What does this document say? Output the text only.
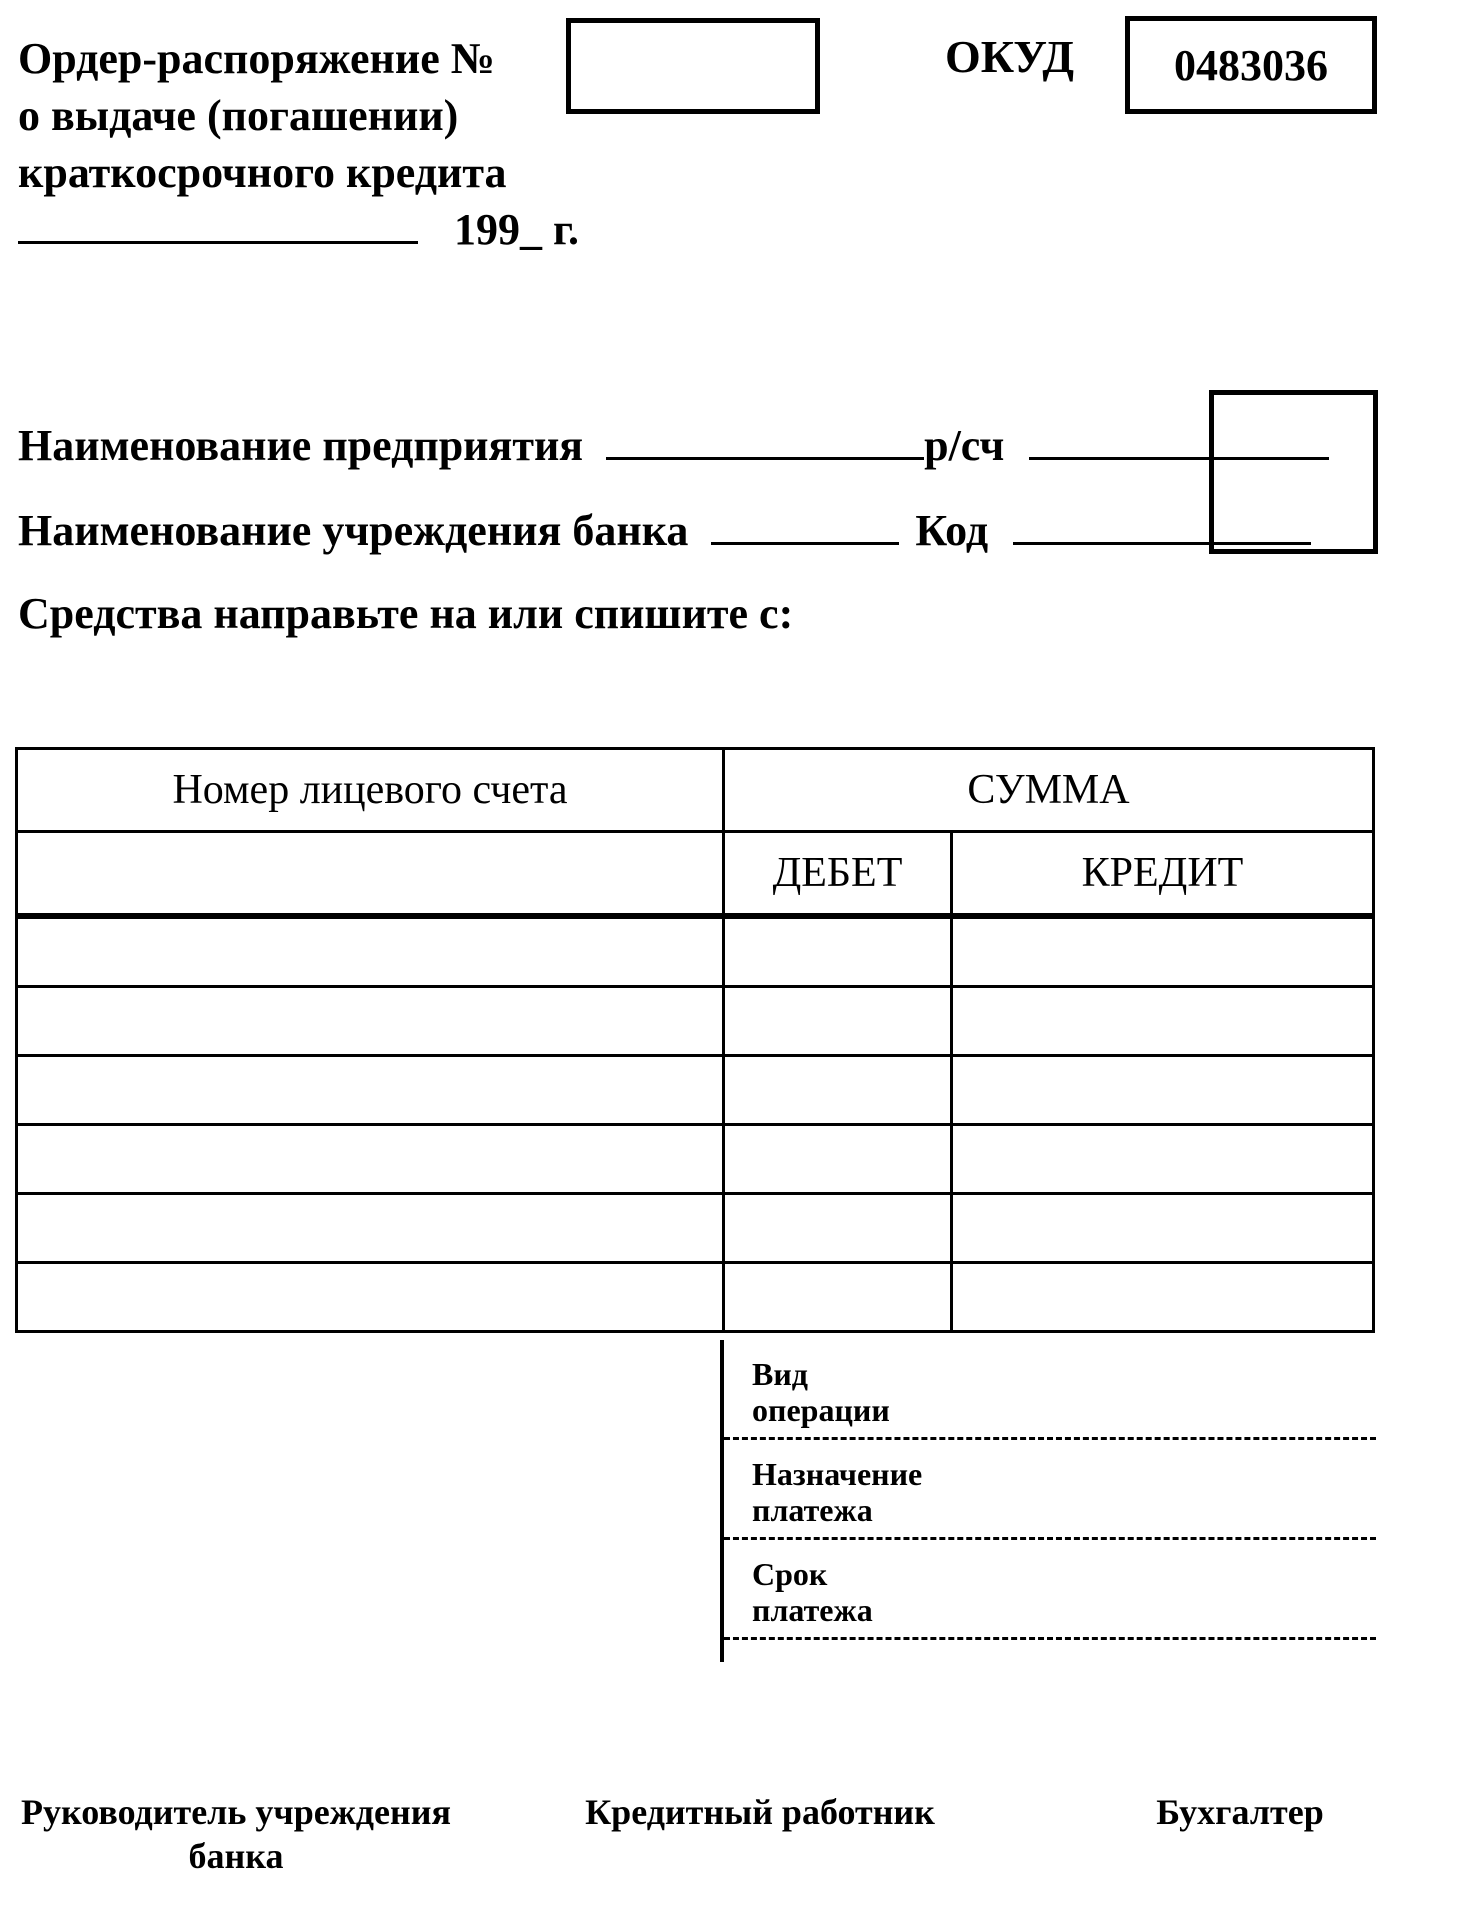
Ордер-распоряжение №
о выдаче (погашении)
краткосрочного кредита
199_ г.
ОКУД 0483036
Наименование предприятия	р/сч
Наименование учреждения банка	Код
Средства направьте на или спишите с:
Номер лицевого счета	СУММА	
	ДЕБЕТ	КРЕДИТ

Вид
операции
Назначение
платежа
Срок
платежа
Руководитель учреждения
банка
Кредитный работник	Бухгалтер
